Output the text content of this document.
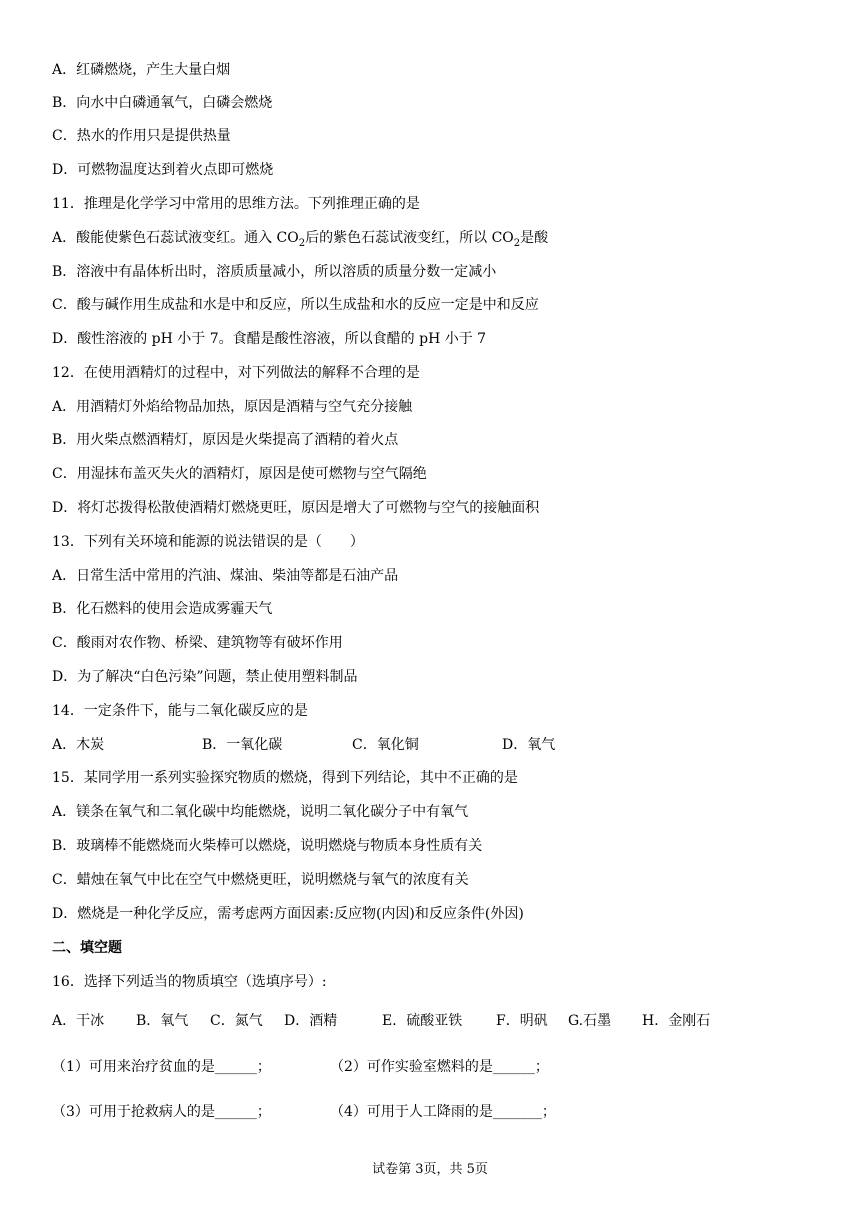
A．红磷燃烧，产生大量白烟
B．向水中白磷通氧气，白磷会燃烧
C．热水的作用只是提供热量
D．可燃物温度达到着火点即可燃烧
11．推理是化学学习中常用的思维方法。下列推理正确的是
A．酸能使紫色石蕊试液变红。通入 $CO_2$后的紫色石蕊试液变红，所以 $CO_2$是酸
B．溶液中有晶体析出时，溶质质量减小，所以溶质的质量分数一定减小
C．酸与碱作用生成盐和水是中和反应，所以生成盐和水的反应一定是中和反应
D．酸性溶液的 pH 小于 7。食醋是酸性溶液，所以食醋的 pH 小于 7
12．在使用酒精灯的过程中，对下列做法的解释不合理的是
A．用酒精灯外焰给物品加热，原因是酒精与空气充分接触
B．用火柴点燃酒精灯，原因是火柴提高了酒精的着火点
C．用湿抹布盖灭失火的酒精灯，原因是使可燃物与空气隔绝
D．将灯芯拨得松散使酒精灯燃烧更旺，原因是增大了可燃物与空气的接触面积
13．下列有关环境和能源的说法错误的是（　　）
A．日常生活中常用的汽油、煤油、柴油等都是石油产品
B．化石燃料的使用会造成雾霾天气
C．酸雨对农作物、桥梁、建筑物等有破坏作用
D．为了解决“白色污染”问题，禁止使用塑料制品
14．一定条件下，能与二氧化碳反应的是
A．木炭	B．一氧化碳	C．氧化铜	D．氧气
15．某同学用一系列实验探究物质的燃烧，得到下列结论，其中不正确的是
A．镁条在氧气和二氧化碳中均能燃烧，说明二氧化碳分子中有氧气
B．玻璃棒不能燃烧而火柴棒可以燃烧，说明燃烧与物质本身性质有关
C．蜡烛在氧气中比在空气中燃烧更旺，说明燃烧与氧气的浓度有关
D．燃烧是一种化学反应，需考虑两方面因素:反应物(内因)和反应条件(外因)
二、填空题
16．选择下列适当的物质填空（选填序号）:
A．干冰 B．氧气 C．氮气 D．酒精	E．硫酸亚铁 F．明矾 G.石墨 H．金刚石
（1）可用来治疗贫血的是______；	（2）可作实验室燃料的是______；
（3）可用于抢救病人的是______；	（4）可用于人工降雨的是_______；
试卷第 3页，共 5页
